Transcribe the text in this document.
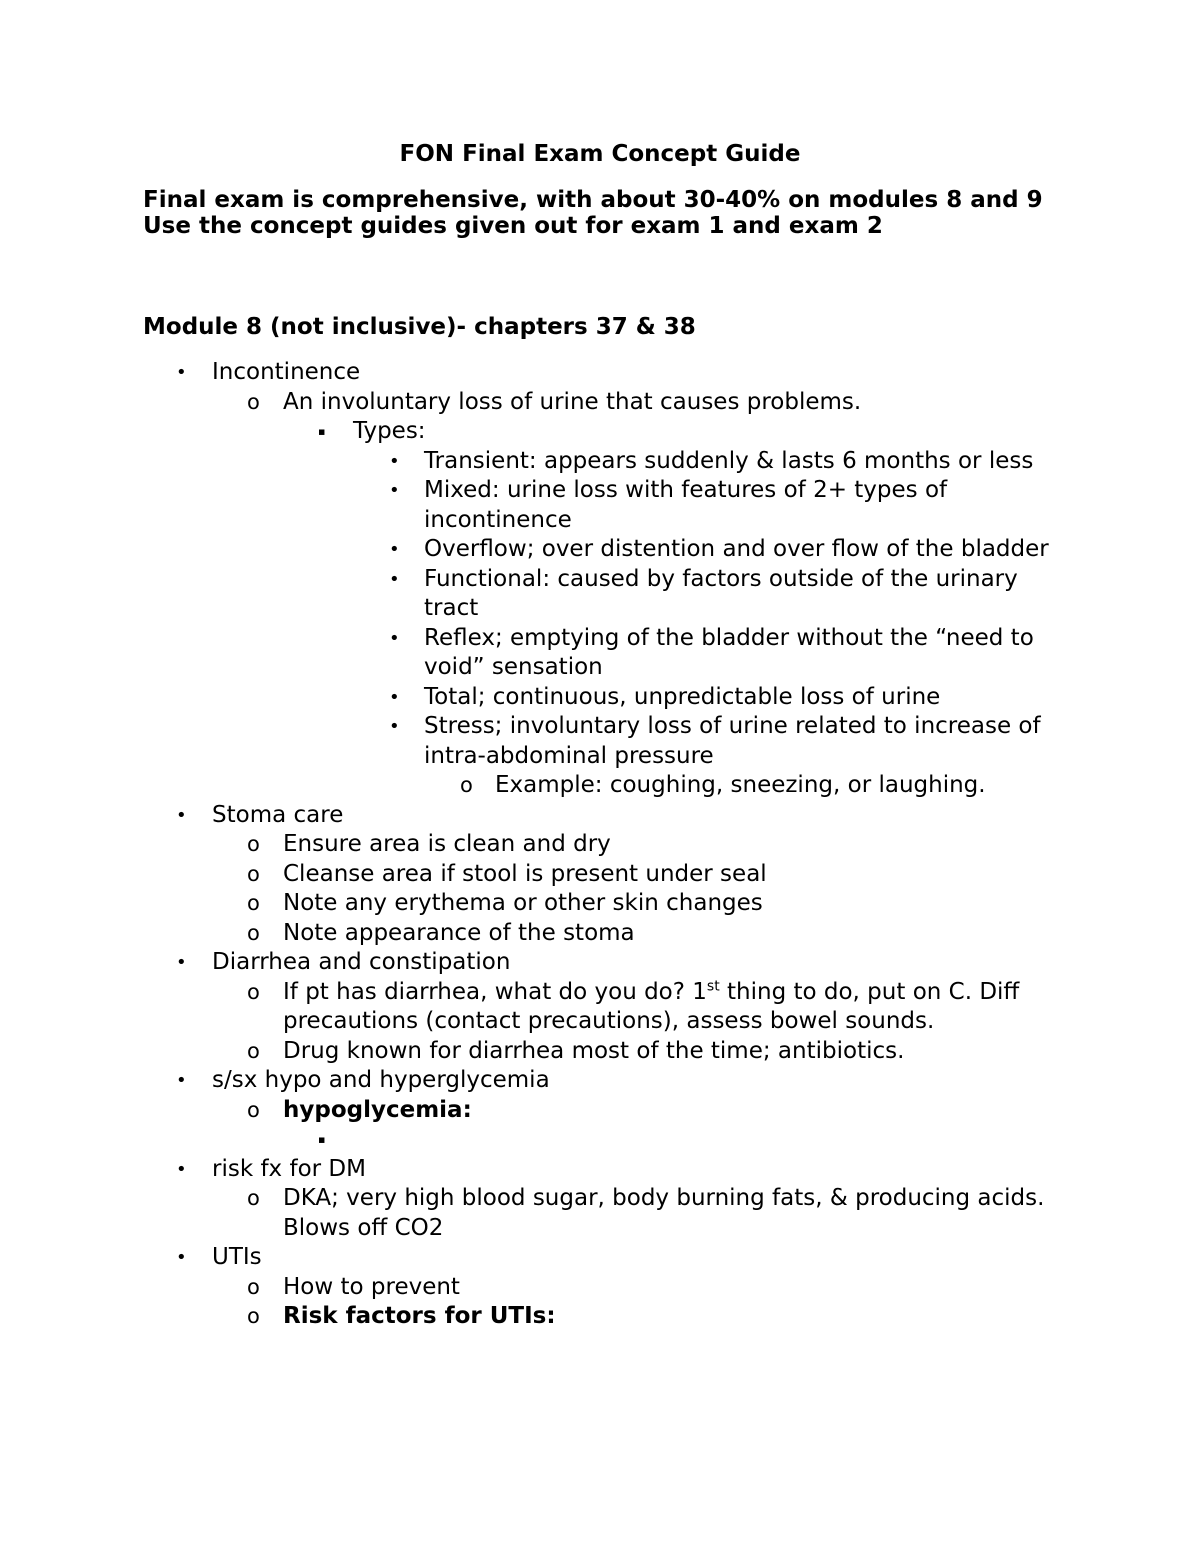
FON Final Exam Concept Guide
Final exam is comprehensive, with about 30-40% on modules 8 and 9
Use the concept guides given out for exam 1 and exam 2
Module 8 (not inclusive)- chapters 37 & 38
• Incontinence
o An involuntary loss of urine that causes problems.
▪ Types:
• Transient: appears suddenly & lasts 6 months or less
• Mixed: urine loss with features of 2+ types of incontinence
• Overflow; over distention and over flow of the bladder
• Functional: caused by factors outside of the urinary tract
• Reflex; emptying of the bladder without the “need to void” sensation
• Total; continuous, unpredictable loss of urine
• Stress; involuntary loss of urine related to increase of intra-abdominal pressure
o Example: coughing, sneezing, or laughing.
• Stoma care
o Ensure area is clean and dry
o Cleanse area if stool is present under seal
o Note any erythema or other skin changes
o Note appearance of the stoma
• Diarrhea and constipation
o If pt has diarrhea, what do you do? 1st thing to do, put on C. Diff precautions (contact precautions), assess bowel sounds.
o Drug known for diarrhea most of the time; antibiotics.
• s/sx hypo and hyperglycemia
o hypoglycemia:
▪
• risk fx for DM
o DKA; very high blood sugar, body burning fats, & producing acids. Blows off CO2
• UTIs
o How to prevent
o Risk factors for UTIs:
